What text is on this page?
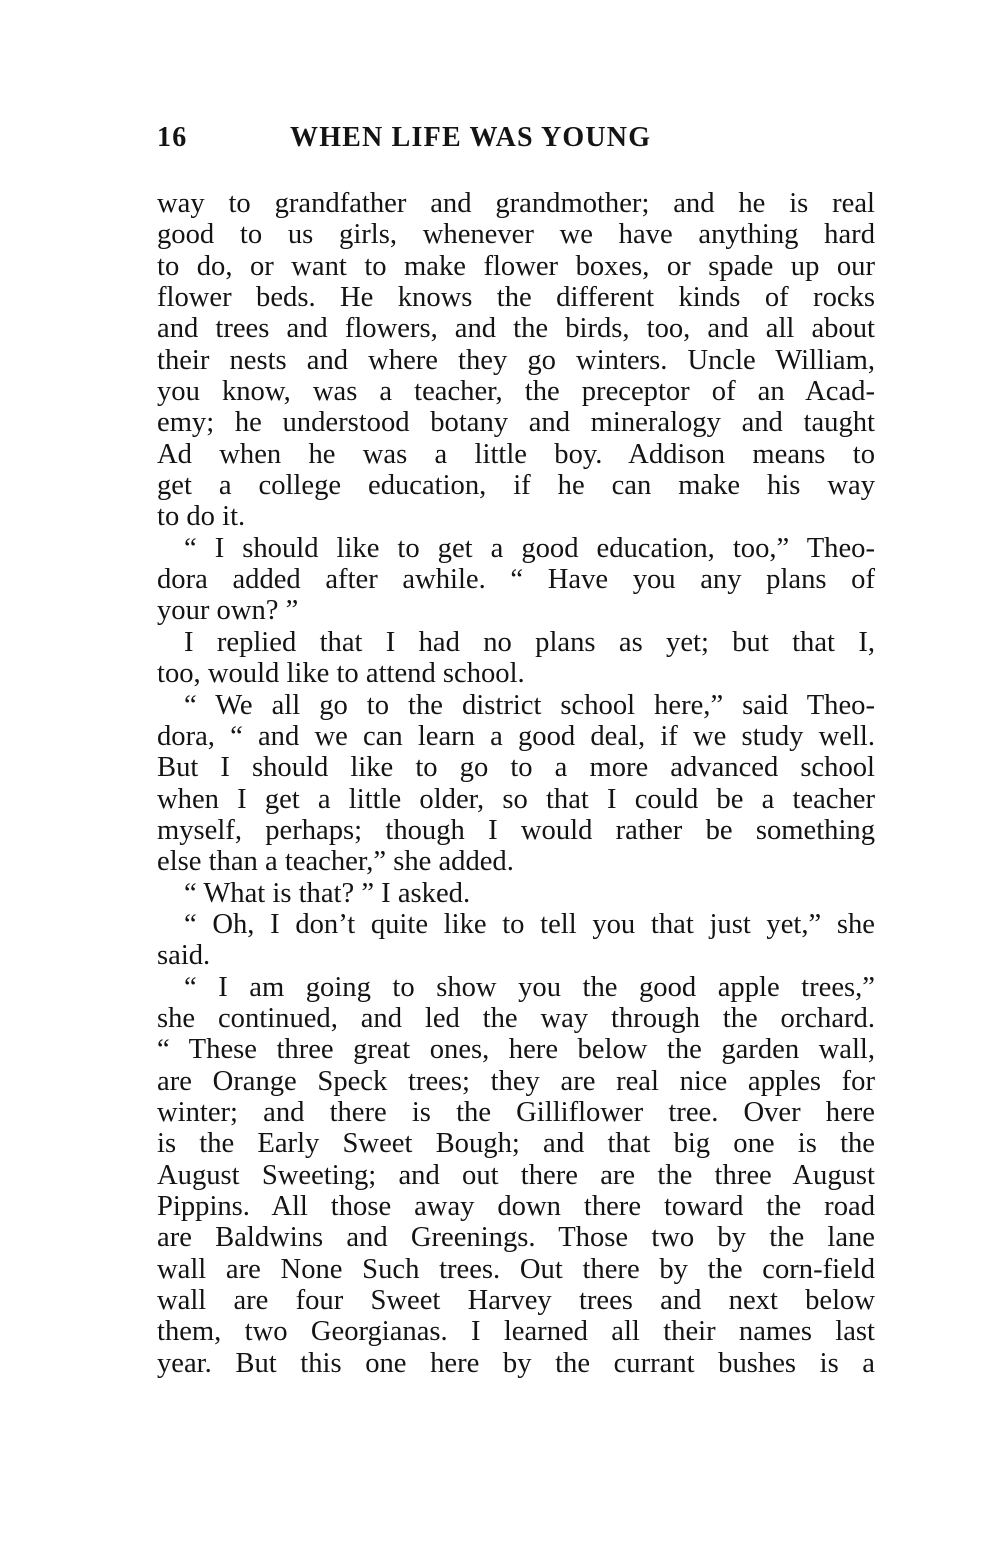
16	WHEN LIFE WAS YOUNG
way to grandfather and grandmother; and he is real
good to us girls, whenever we have anything hard
to do, or want to make flower boxes, or spade up our
flower beds. He knows the different kinds of rocks
and trees and flowers, and the birds, too, and all about
their nests and where they go winters. Uncle William,
you know, was a teacher, the preceptor of an Acad-
emy; he understood botany and mineralogy and taught
Ad when he was a little boy. Addison means to
get a college education, if he can make his way
to do it.
“ I should like to get a good education, too,” Theo-
dora added after awhile. “ Have you any plans of
your own? ”
I replied that I had no plans as yet; but that I,
too, would like to attend school.
“ We all go to the district school here,” said Theo-
dora, “ and we can learn a good deal, if we study well.
But I should like to go to a more advanced school
when I get a little older, so that I could be a teacher
myself, perhaps; though I would rather be something
else than a teacher,” she added.
“ What is that? ” I asked.
“ Oh, I don’t quite like to tell you that just yet,” she
said.
“ I am going to show you the good apple trees,”
she continued, and led the way through the orchard.
“ These three great ones, here below the garden wall,
are Orange Speck trees; they are real nice apples for
winter; and there is the Gilliflower tree. Over here
is the Early Sweet Bough; and that big one is the
August Sweeting; and out there are the three August
Pippins. All those away down there toward the road
are Baldwins and Greenings. Those two by the lane
wall are None Such trees. Out there by the corn-field
wall are four Sweet Harvey trees and next below
them, two Georgianas. I learned all their names last
year. But this one here by the currant bushes is a
